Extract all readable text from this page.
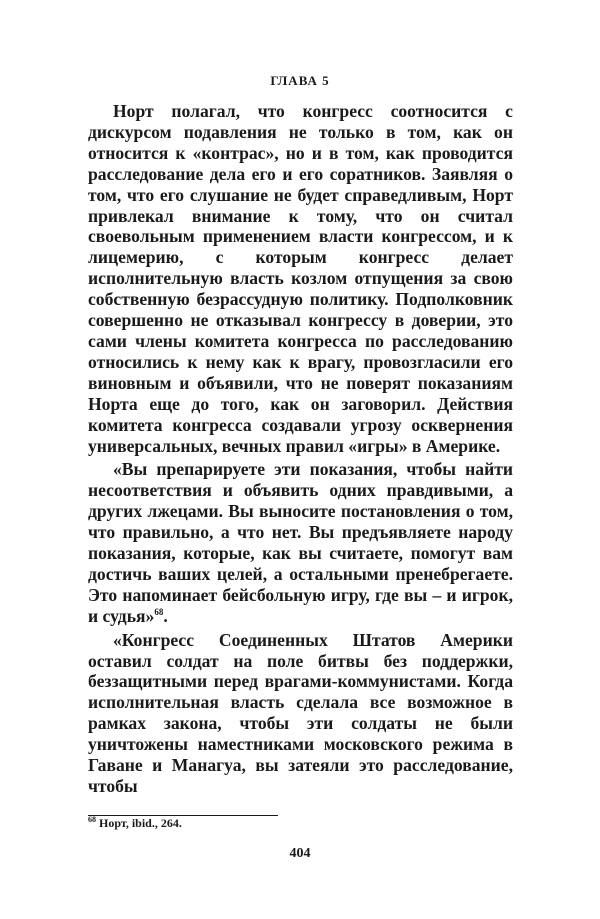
ГЛАВА 5

Норт полагал, что конгресс соотносится с дискурсом подавления не только в том, как он относится к «контрас», но и в том, как проводится расследование дела его и его соратников. Заявляя о том, что его слушание не будет справедливым, Норт привлекал внимание к тому, что он считал своевольным применением власти конгрессом, и к лицемерию, с которым конгресс делает исполнительную власть козлом отпущения за свою собственную безрассудную политику. Подполковник совершенно не отказывал конгрессу в доверии, это сами члены комитета конгресса по расследованию относились к нему как к врагу, провозгласили его виновным и объявили, что не поверят показаниям Норта еще до того, как он заговорил. Действия комитета конгресса создавали угрозу осквернения универсальных, вечных правил «игры» в Америке.

«Вы препарируете эти показания, чтобы найти несоответствия и объявить одних правдивыми, а других лжецами. Вы выносите постановления о том, что правильно, а что нет. Вы предъявляете народу показания, которые, как вы считаете, помогут вам достичь ваших целей, а остальными пренебрегаете. Это напоминает бейсбольную игру, где вы – и игрок, и судья»$^{68}$.

«Конгресс Соединенных Штатов Америки оставил солдат на поле битвы без поддержки, беззащитными перед врагами-коммунистами. Когда исполнительная власть сделала все возможное в рамках закона, чтобы эти солдаты не были уничтожены наместниками московского режима в Гаване и Манагуа, вы затеяли это расследование, чтобы

$^{68}$ Норт, ibid., 264.
404
